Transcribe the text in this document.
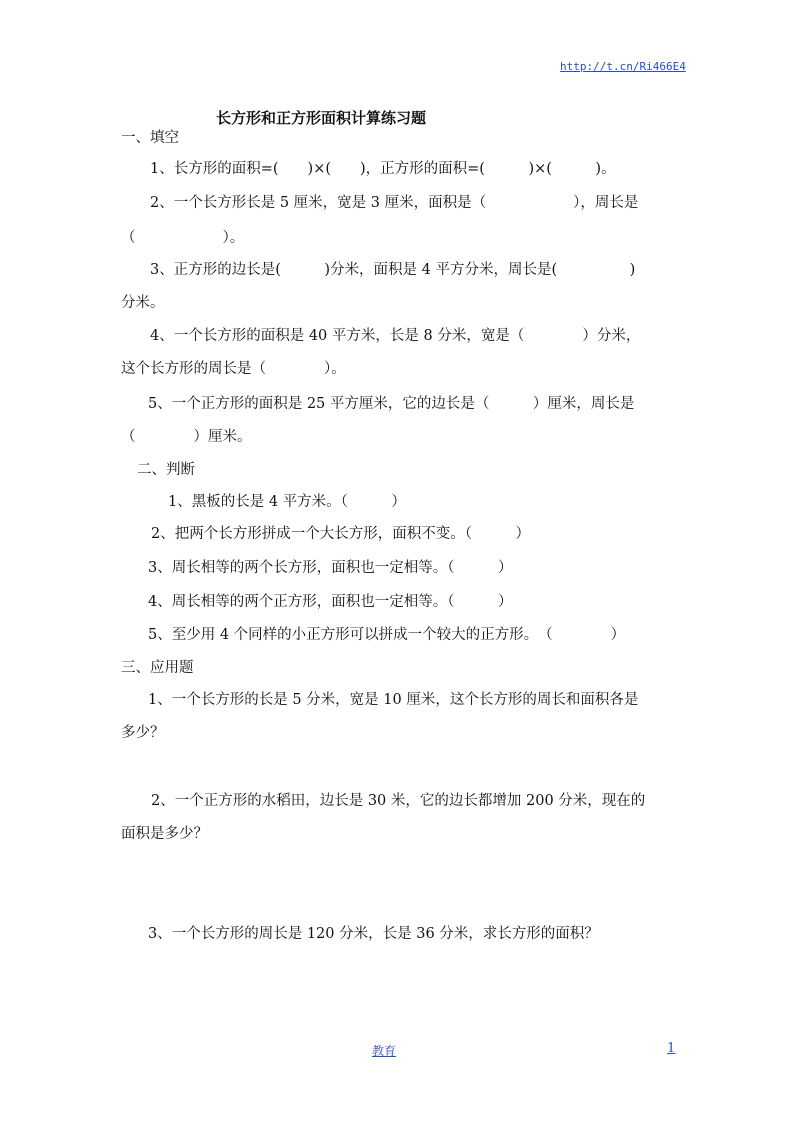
http://t.cn/Ri466E4
长方形和正方形面积计算练习题
一、填空
1、长方形的面积=(　　)×(　　)，正方形的面积=(　　　)×(　　　)。
2、一个长方形长是 5 厘米，宽是 3 厘米，面积是（　　　　　　），周长是
（　　　　　　）。
3、正方形的边长是(　　　)分米，面积是 4 平方分米，周长是(　　　　　)
分米。
4、一个长方形的面积是 40 平方米，长是 8 分米，宽是（　　　　）分米，
这个长方形的周长是（　　　　）。
5、一个正方形的面积是 25 平方厘米，它的边长是（　　　）厘米，周长是
（　　　　）厘米。
二、判断
1、黑板的长是 4 平方米。（　　　）
2、把两个长方形拼成一个大长方形，面积不变。（　　　）
3、周长相等的两个长方形，面积也一定相等。（　　　）
4、周长相等的两个正方形，面积也一定相等。（　　　）
5、至少用 4 个同样的小正方形可以拼成一个较大的正方形。　（　　　　）
三、应用题
1、一个长方形的长是 5 分米，宽是 10 厘米，这个长方形的周长和面积各是
多少？
2、一个正方形的水稻田，边长是 30 米，它的边长都增加 200 分米，现在的
面积是多少？
3、一个长方形的周长是 120 分米，长是 36 分米，求长方形的面积？
教育	1
